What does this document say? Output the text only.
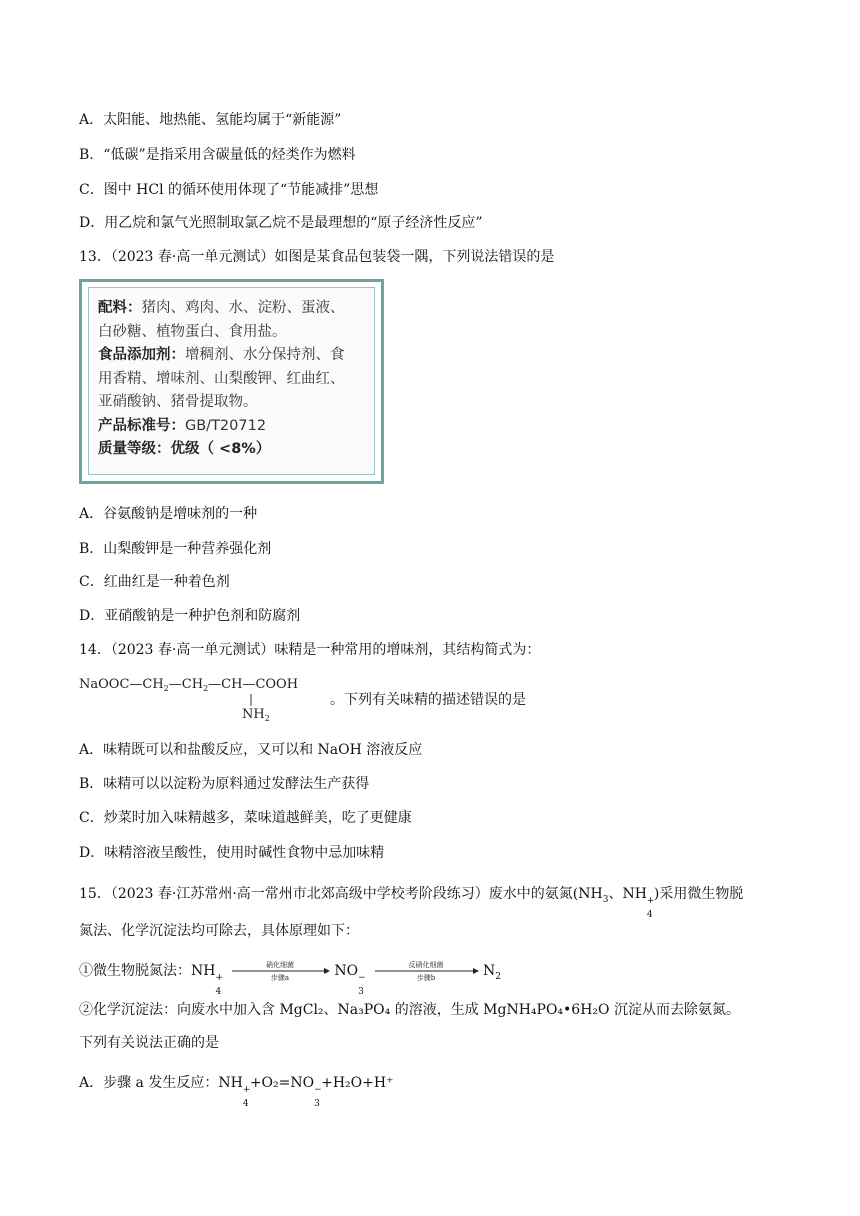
A．太阳能、地热能、氢能均属于“新能源”
B．“低碳”是指采用含碳量低的烃类作为燃料
C．图中 HCl 的循环使用体现了“节能减排”思想
D．用乙烷和氯气光照制取氯乙烷不是最理想的“原子经济性反应”
13．（2023 春·高一单元测试）如图是某食品包装袋一隅，下列说法错误的是
配料：猪肉、鸡肉、水、淀粉、蛋液、
白砂糖、植物蛋白、食用盐。
食品添加剂：增稠剂、水分保持剂、食
用香精、增味剂、山梨酸钾、红曲红、
亚硝酸钠、猪骨提取物。
产品标准号：GB/T20712
质量等级：优级（ <8%）
A．谷氨酸钠是增味剂的一种
B．山梨酸钾是一种营养强化剂
C．红曲红是一种着色剂
D．亚硝酸钠是一种护色剂和防腐剂
14．（2023 春·高一单元测试）味精是一种常用的增味剂，其结构简式为：
$NaOOC—CH_2—CH_2—CH—COOH$
$NH_2$
。下列有关味精的描述错误的是
A．味精既可以和盐酸反应，又可以和 NaOH 溶液反应
B．味精可以以淀粉为原料通过发酵法生产获得
C．炒菜时加入味精越多，菜味道越鲜美，吃了更健康
D．味精溶液呈酸性，使用时碱性食物中忌加味精
15．（2023 春·江苏常州·高一常州市北郊高级中学校考阶段练习）废水中的氨氮($NH_3$、NH +
4
)采用微生物脱
氮法、化学沉淀法均可除去，具体原理如下：
①微生物脱氮法：NH +
4

硝化细菌
步骤a	NO −
3

反硝化细菌
步骤b	$N_2$
②化学沉淀法：向废水中加入含 MgCl₂、Na₃PO₄ 的溶液，生成 MgNH₄PO₄•6H₂O 沉淀从而去除氨氮。
下列有关说法正确的是
A．步骤 a 发生反应：NH +
4
+O₂=NO −
3
+H₂O+H⁺
